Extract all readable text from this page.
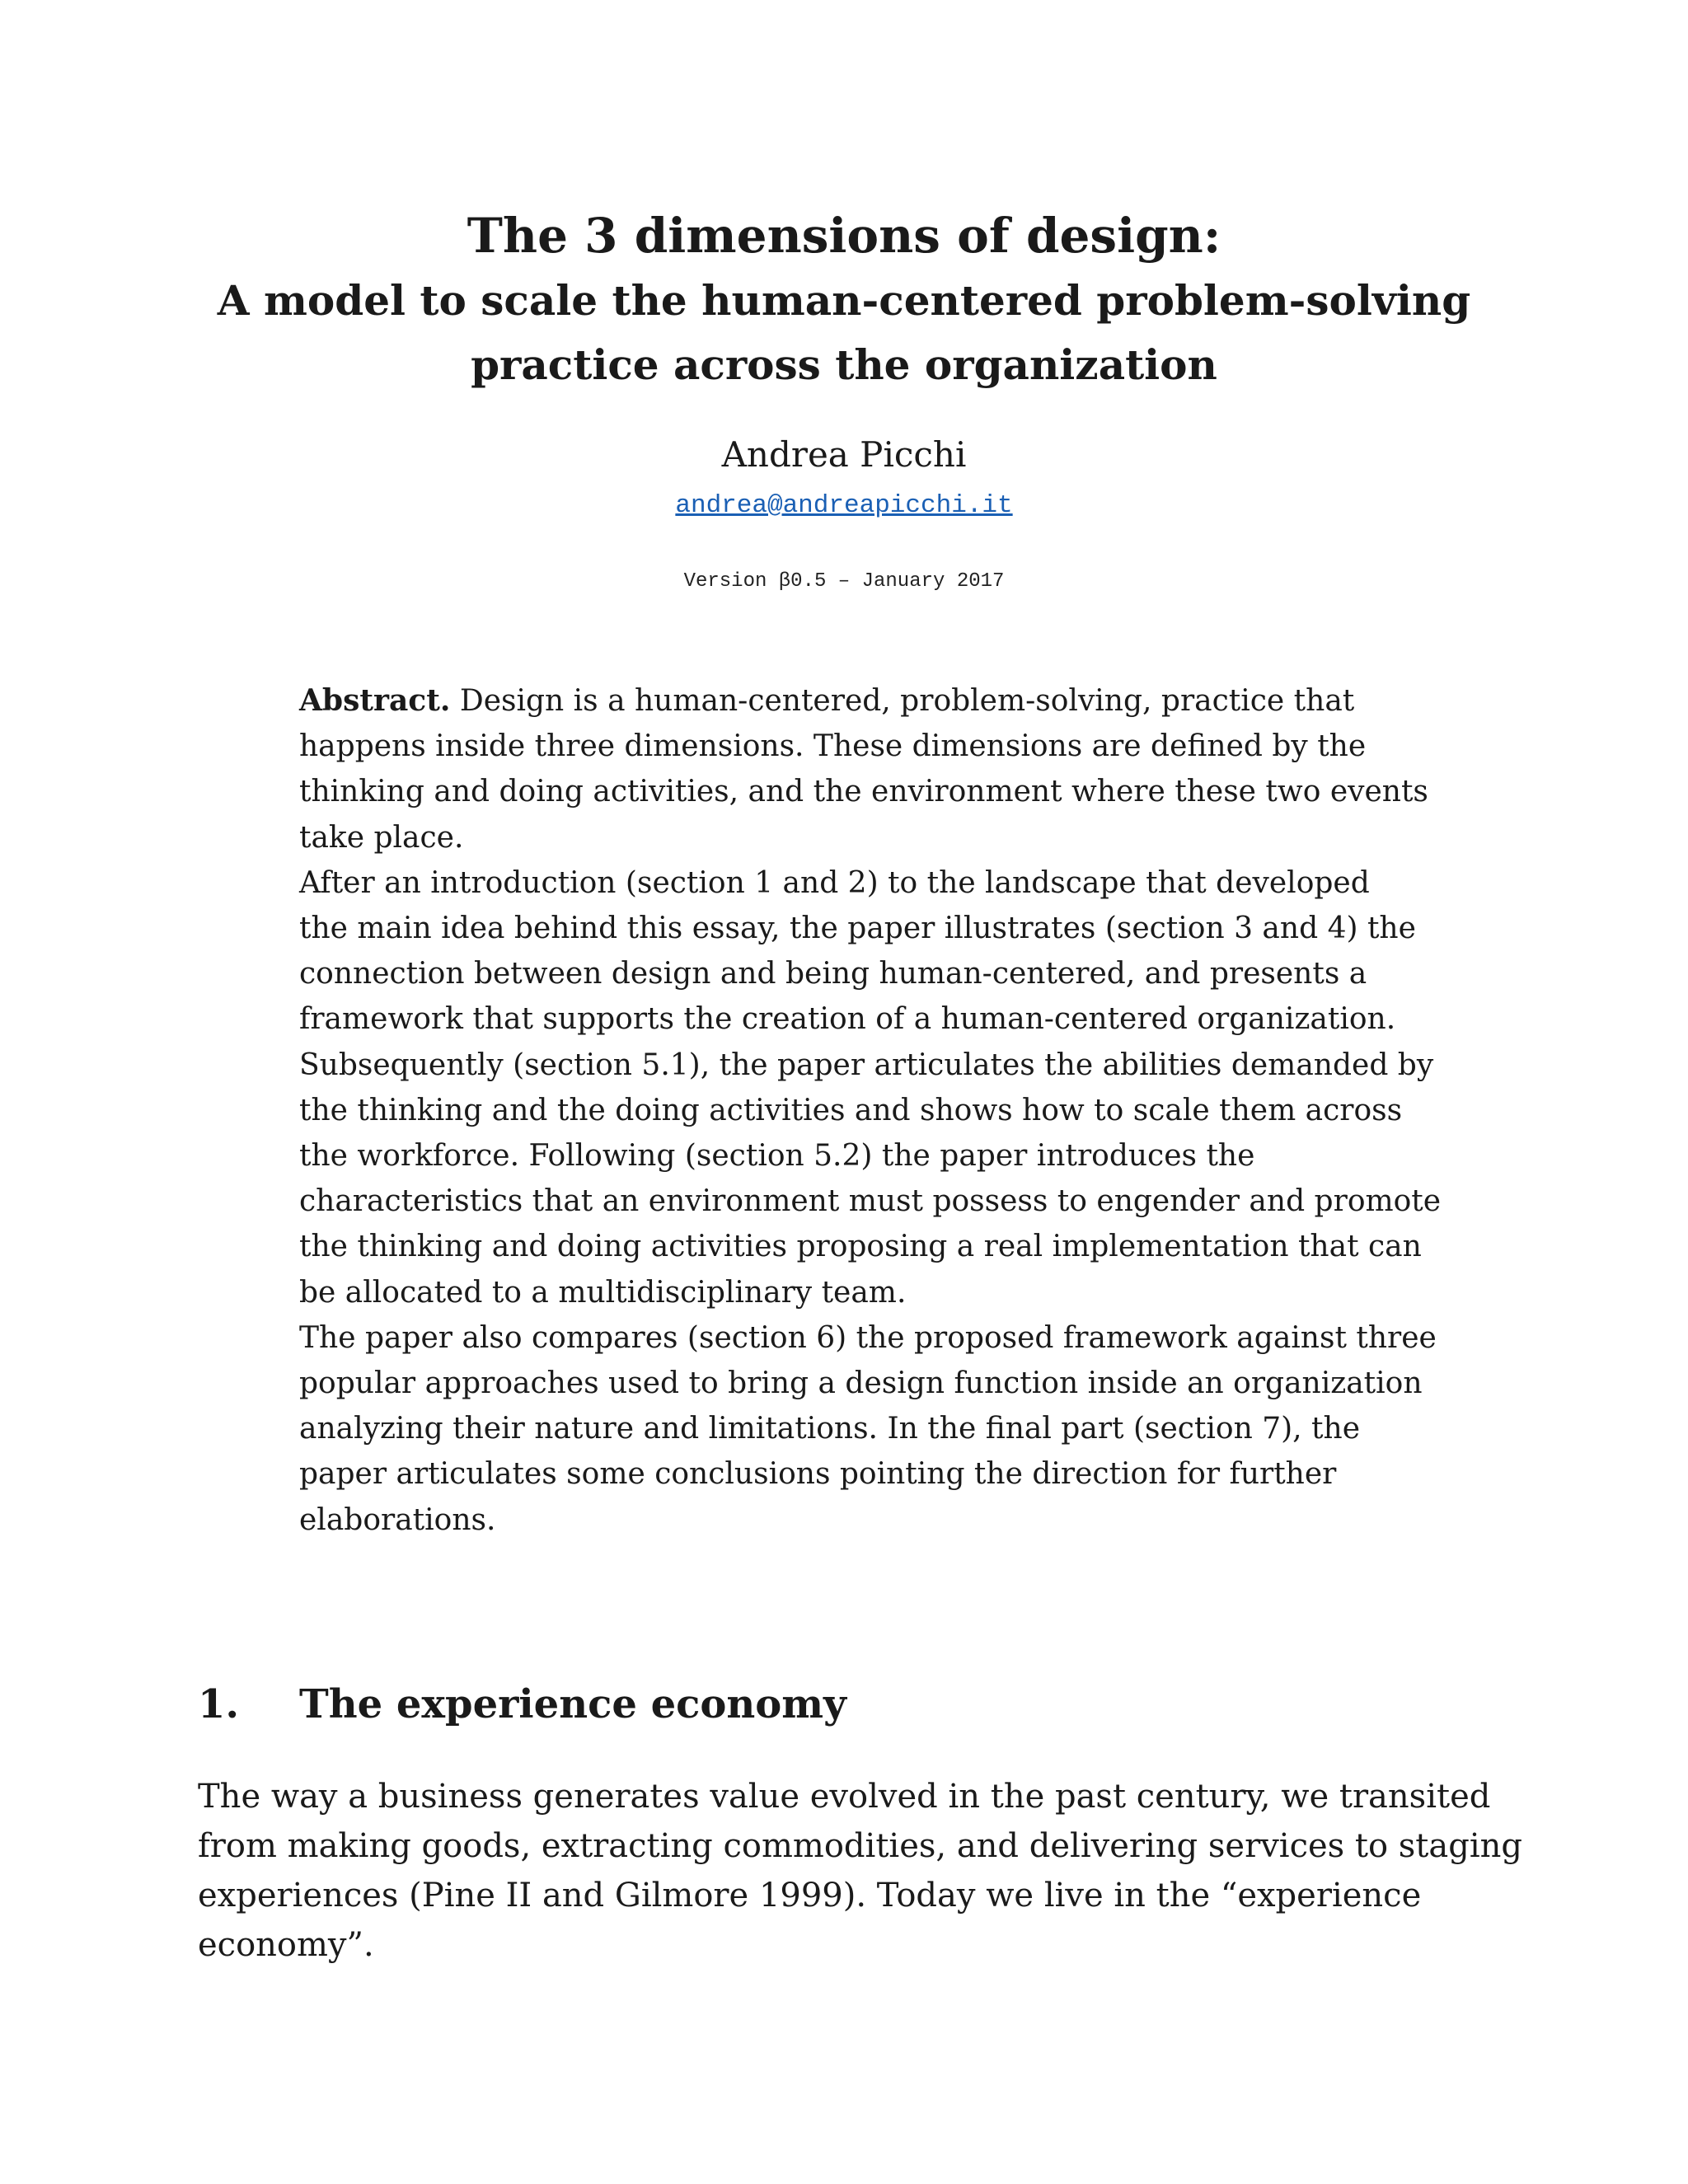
The 3 dimensions of design:
A model to scale the human-centered problem-solving
practice across the organization
Andrea Picchi
andrea@andreapicchi.it
Version β0.5 – January 2017
Abstract. Design is a human-centered, problem-solving, practice that
happens inside three dimensions. These dimensions are defined by the
thinking and doing activities, and the environment where these two events
take place.
After an introduction (section 1 and 2) to the landscape that developed
the main idea behind this essay, the paper illustrates (section 3 and 4) the
connection between design and being human-centered, and presents a
framework that supports the creation of a human-centered organization.
Subsequently (section 5.1), the paper articulates the abilities demanded by
the thinking and the doing activities and shows how to scale them across
the workforce. Following (section 5.2) the paper introduces the
characteristics that an environment must possess to engender and promote
the thinking and doing activities proposing a real implementation that can
be allocated to a multidisciplinary team.
The paper also compares (section 6) the proposed framework against three
popular approaches used to bring a design function inside an organization
analyzing their nature and limitations. In the final part (section 7), the
paper articulates some conclusions pointing the direction for further
elaborations.
1. The experience economy
The way a business generates value evolved in the past century, we transited
from making goods, extracting commodities, and delivering services to staging
experiences (Pine II and Gilmore 1999). Today we live in the “experience
economy”.
